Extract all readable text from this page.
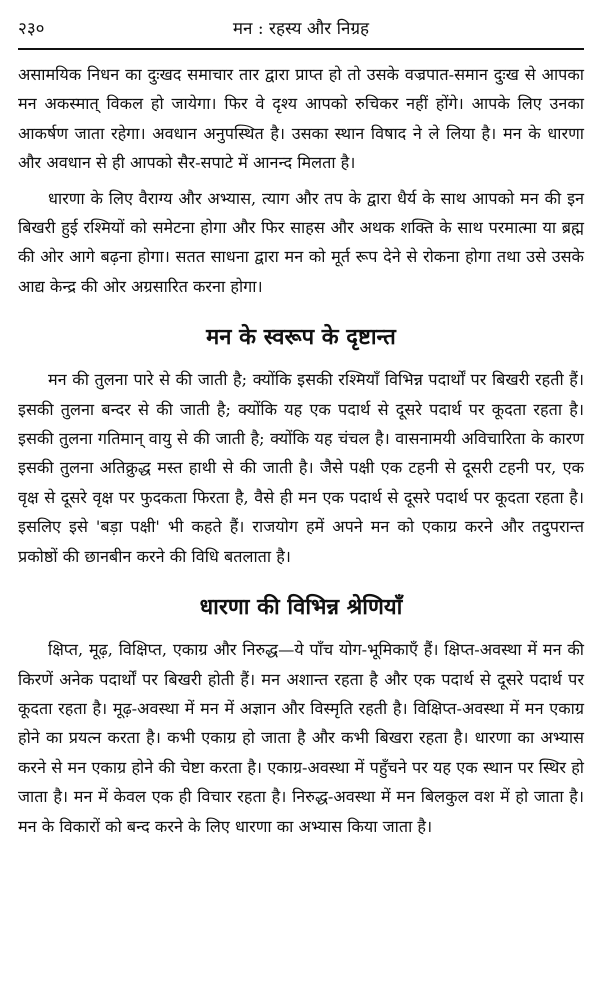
२३०	मन : रहस्य और निग्रह

असामयिक निधन का दुःखद समाचार तार द्वारा प्राप्त हो तो उसके वज्रपात-समान दुःख से आपका मन अकस्मात् विकल हो जायेगा। फिर वे दृश्य आपको रुचिकर नहीं होंगे। आपके लिए उनका आकर्षण जाता रहेगा। अवधान अनुपस्थित है। उसका स्थान विषाद ने ले लिया है। मन के धारणा और अवधान से ही आपको सैर-सपाटे में आनन्द मिलता है।

धारणा के लिए वैराग्य और अभ्यास, त्याग और तप के द्वारा धैर्य के साथ आपको मन की इन बिखरी हुई रश्मियों को समेटना होगा और फिर साहस और अथक शक्ति के साथ परमात्मा या ब्रह्म की ओर आगे बढ़ना होगा। सतत साधना द्वारा मन को मूर्त रूप देने से रोकना होगा तथा उसे उसके आद्य केन्द्र की ओर अग्रसारित करना होगा।

मन के स्वरूप के दृष्टान्त

मन की तुलना पारे से की जाती है; क्योंकि इसकी रश्मियाँ विभिन्न पदार्थों पर बिखरी रहती हैं। इसकी तुलना बन्दर से की जाती है; क्योंकि यह एक पदार्थ से दूसरे पदार्थ पर कूदता रहता है। इसकी तुलना गतिमान् वायु से की जाती है; क्योंकि यह चंचल है। वासनामयी अविचारिता के कारण इसकी तुलना अतिक्रुद्ध मस्त हाथी से की जाती है। जैसे पक्षी एक टहनी से दूसरी टहनी पर, एक वृक्ष से दूसरे वृक्ष पर फुदकता फिरता है, वैसे ही मन एक पदार्थ से दूसरे पदार्थ पर कूदता रहता है। इसलिए इसे 'बड़ा पक्षी' भी कहते हैं। राजयोग हमें अपने मन को एकाग्र करने और तदुपरान्त प्रकोष्ठों की छानबीन करने की विधि बतलाता है।

धारणा की विभिन्न श्रेणियाँ

क्षिप्त, मूढ़, विक्षिप्त, एकाग्र और निरुद्ध—ये पाँच योग-भूमिकाएँ हैं। क्षिप्त-अवस्था में मन की किरणें अनेक पदार्थों पर बिखरी होती हैं। मन अशान्त रहता है और एक पदार्थ से दूसरे पदार्थ पर कूदता रहता है। मूढ़-अवस्था में मन में अज्ञान और विस्मृति रहती है। विक्षिप्त-अवस्था में मन एकाग्र होने का प्रयत्न करता है। कभी एकाग्र हो जाता है और कभी बिखरा रहता है। धारणा का अभ्यास करने से मन एकाग्र होने की चेष्टा करता है। एकाग्र-अवस्था में पहुँचने पर यह एक स्थान पर स्थिर हो जाता है। मन में केवल एक ही विचार रहता है। निरुद्ध-अवस्था में मन बिलकुल वश में हो जाता है। मन के विकारों को बन्द करने के लिए धारणा का अभ्यास किया जाता है।
